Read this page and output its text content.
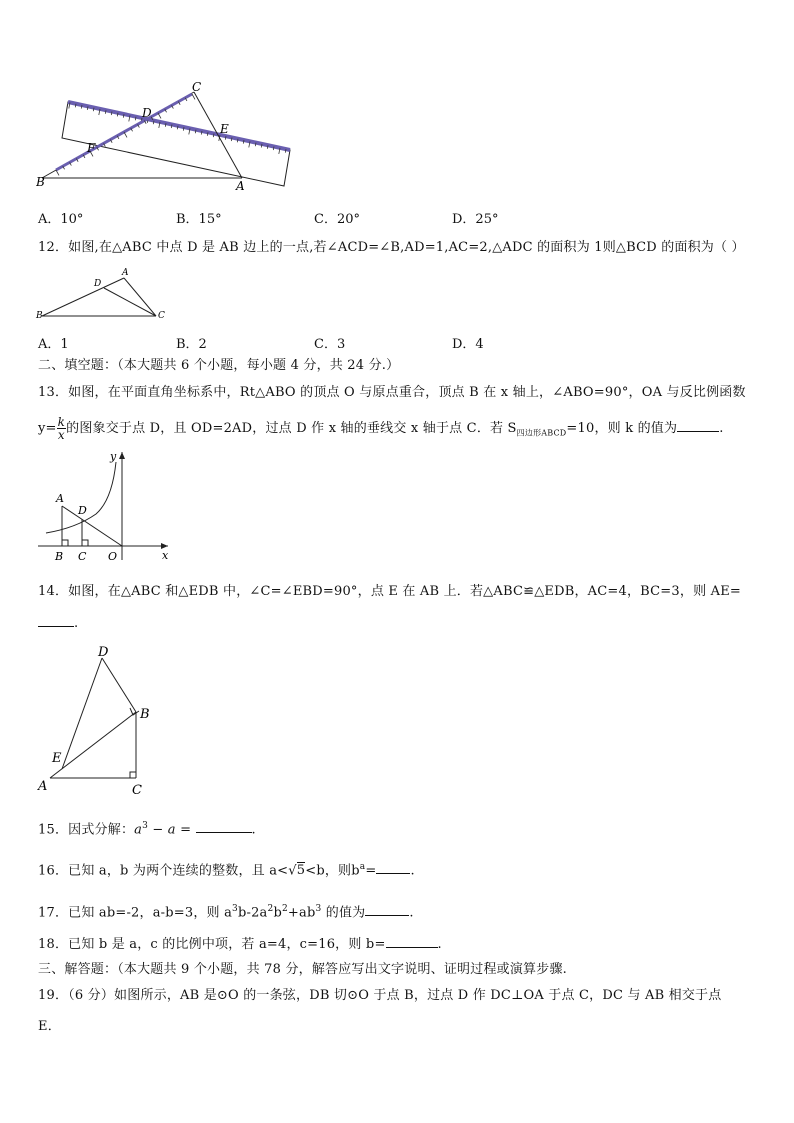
C
D
E
F
B	A
A．10°	B．15°	C．20°	D．25°
12．如图,在△ABC 中点 D 是 AB 边上的一点,若∠ACD=∠B,AD=1,AC=2,△ADC 的面积为 1则△BCD 的面积为（ ）
A
D
B	C
A．1	B．2	C．3	D．4
二、填空题：（本大题共 6 个小题，每小题 4 分，共 24 分.）
13．如图，在平面直角坐标系中，Rt△ABO 的顶点 O 与原点重合，顶点 B 在 x 轴上，∠ABO=90°，OA 与反比例函数
$y= \frac{k}{x}$ 的图象交于点 D，且 OD=2AD，过点 D 作 x 轴的垂线交 x 轴于点 C．若 $S_{四边形ABCD}=10$，则 k 的值为	.
y
A
D
B C O	x
14．如图，在△ABC 和△EDB 中，∠C=∠EBD=90°，点 E 在 AB 上．若△ABC≌△EDB，AC=4，BC=3，则 AE=
.
D
B
E
A	C
15．因式分解：$a^3 - a$ =	.
16．已知 a，b 为两个连续的整数，且 a<√5<b，则$b^a=$	.
17．已知 ab=-2，a-b=3，则 $a^3b-2a^2b^2+ab^3$ 的值为	.
18．已知 b 是 a，c 的比例中项，若 a=4，c=16，则 b=	.
三、解答题：（本大题共 9 个小题，共 78 分，解答应写出文字说明、证明过程或演算步骤.
19．（6 分）如图所示，AB 是⊙O 的一条弦，DB 切⊙O 于点 B，过点 D 作 DC⊥OA 于点 C，DC 与 AB 相交于点
E．
